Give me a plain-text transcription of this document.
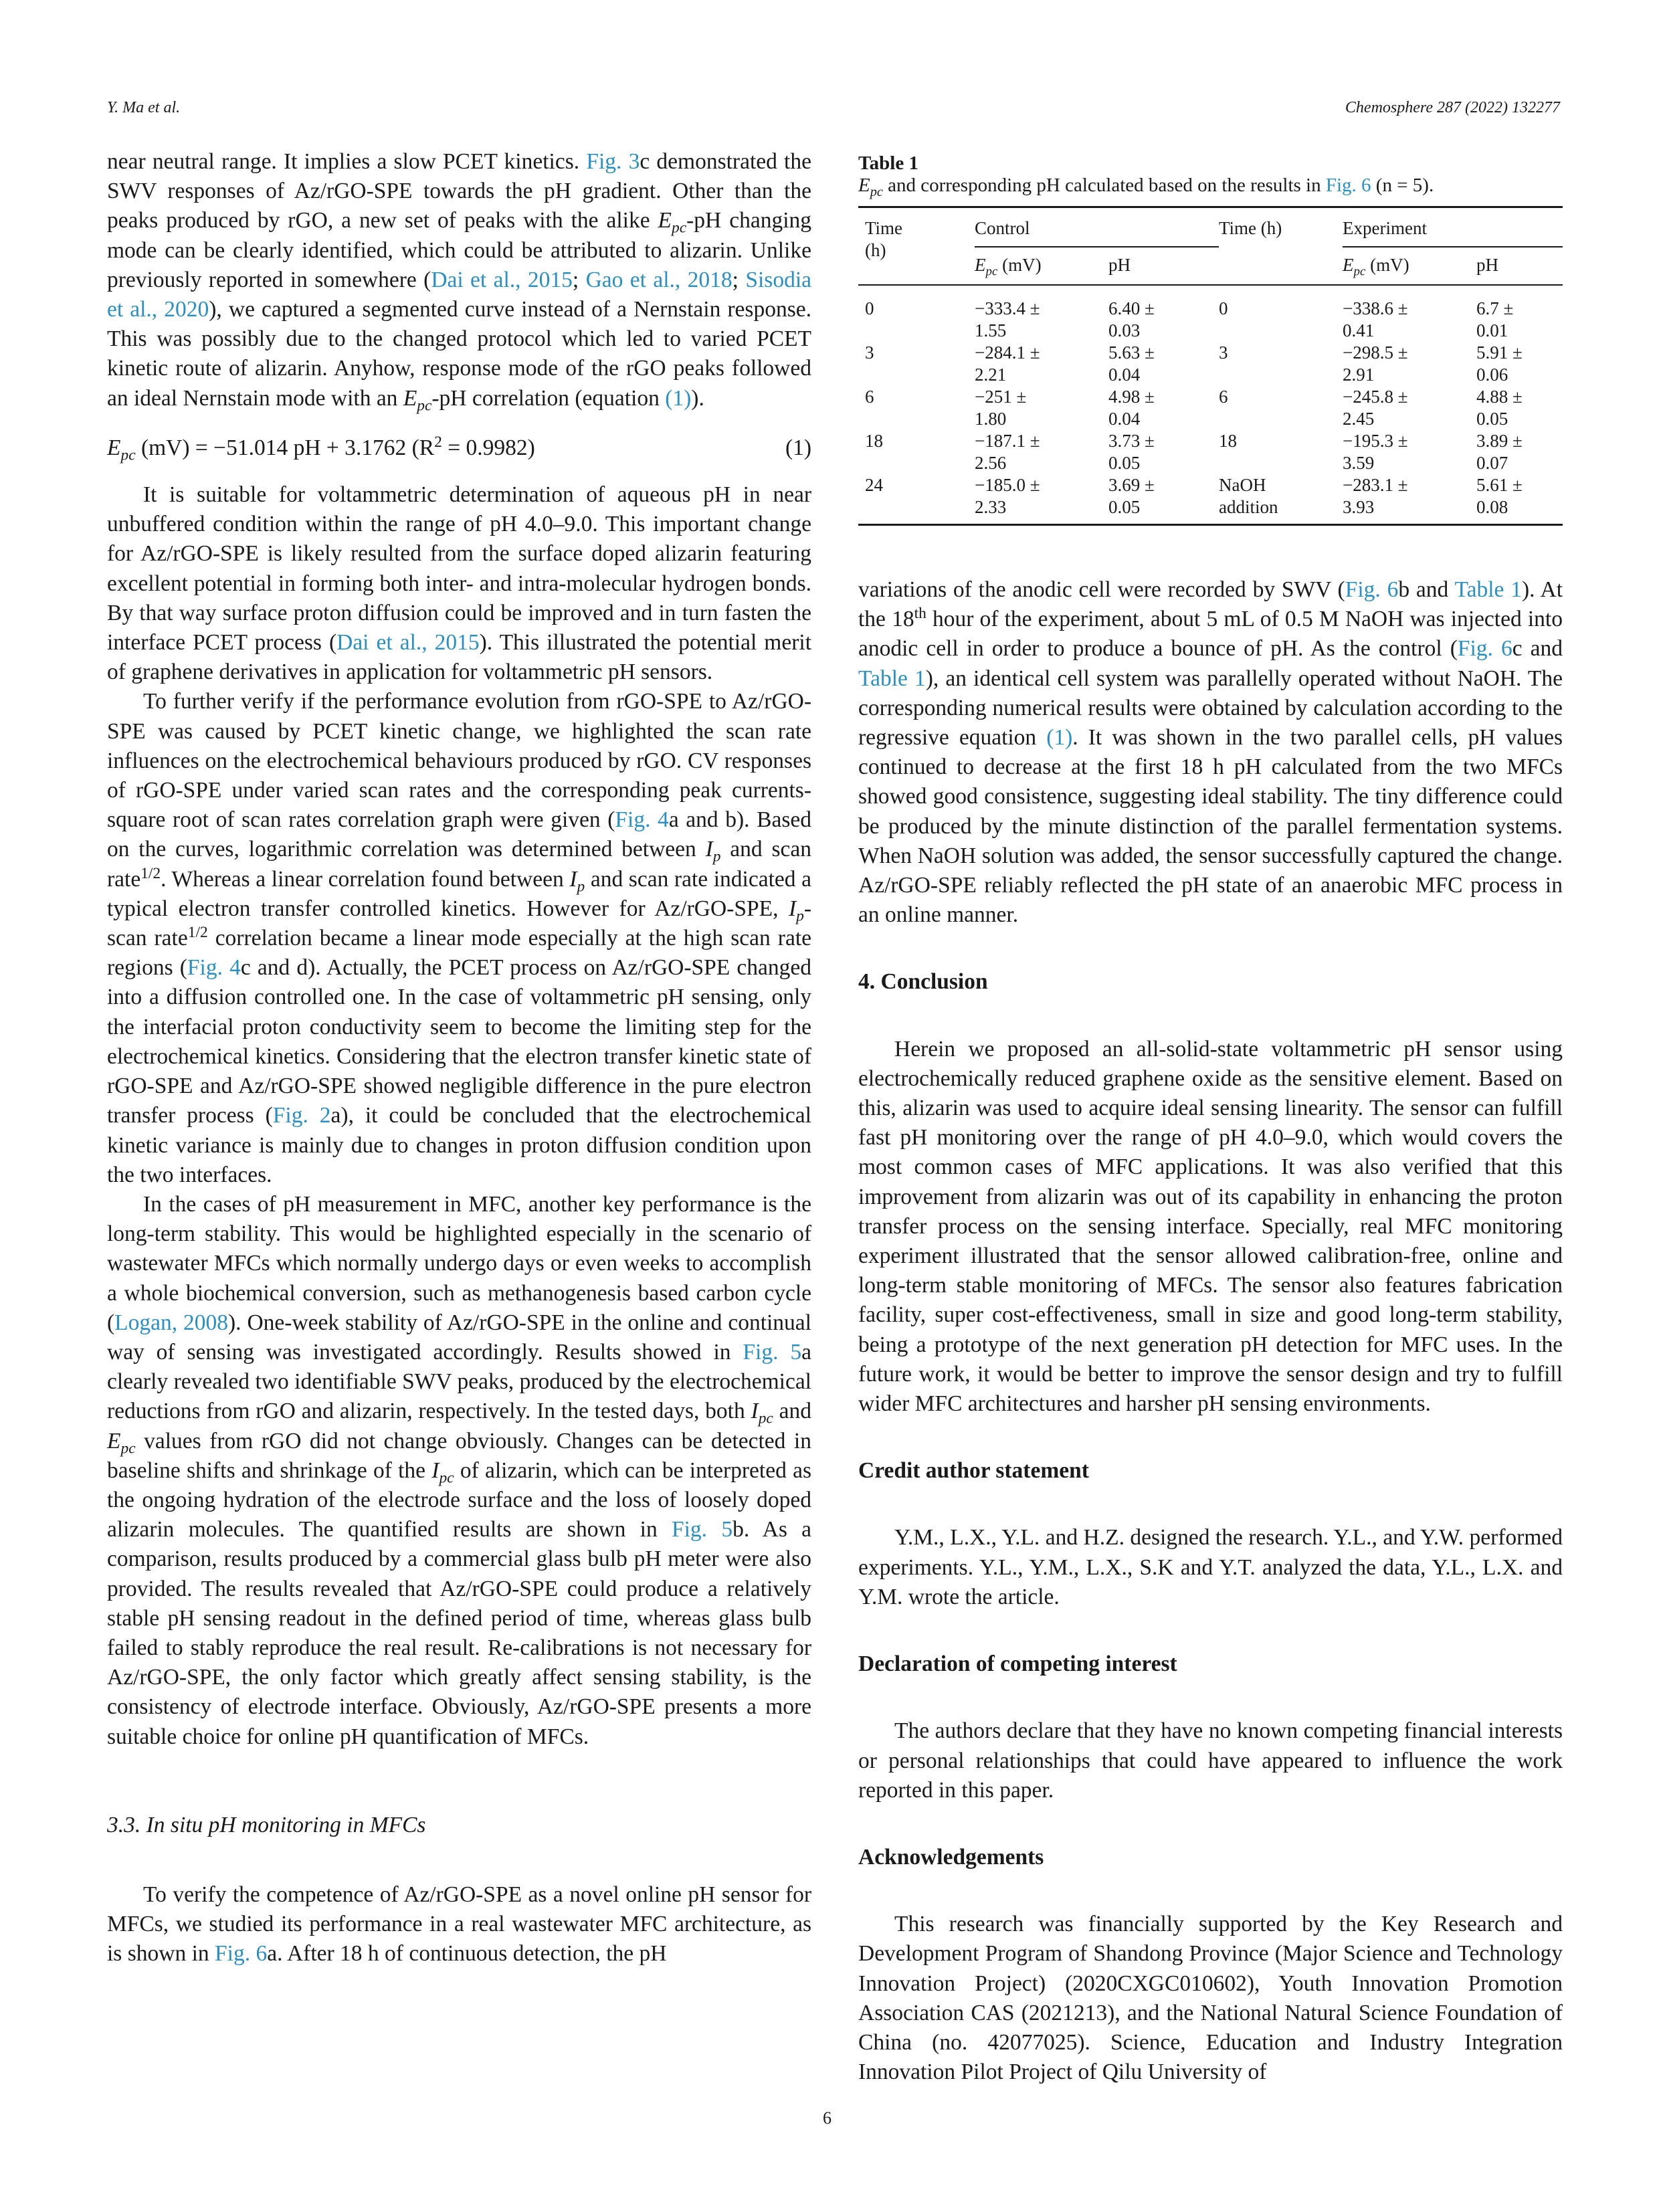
Y. Ma et al.	Chemosphere 287 (2022) 132277

near neutral range. It implies a slow PCET kinetics. Fig. 3c demonstrated the SWV responses of Az/rGO-SPE towards the pH gradient. Other than the peaks produced by rGO, a new set of peaks with the alike $E_{pc}-pH$ changing mode can be clearly identified, which could be attributed to alizarin. Unlike previously reported in somewhere (Dai et al., 2015; Gao et al., 2018; Sisodia et al., 2020), we captured a segmented curve instead of a Nernstain response. This was possibly due to the changed protocol which led to varied PCET kinetic route of alizarin. Anyhow, response mode of the rGO peaks followed an ideal Nernstain mode with an $E_{pc}-pH$ correlation (equation (1)).

$E_{pc}$ (mV) = −51.014 pH + 3.1762 $(R^2 = 0.9982)$	(1)

It is suitable for voltammetric determination of aqueous pH in near unbuffered condition within the range of pH 4.0–9.0. This important change for Az/rGO-SPE is likely resulted from the surface doped alizarin featuring excellent potential in forming both inter- and intra-molecular hydrogen bonds. By that way surface proton diffusion could be improved and in turn fasten the interface PCET process (Dai et al., 2015). This illustrated the potential merit of graphene derivatives in application for voltammetric pH sensors.

To further verify if the performance evolution from rGO-SPE to Az/rGO-SPE was caused by PCET kinetic change, we highlighted the scan rate influences on the electrochemical behaviours produced by rGO. CV responses of rGO-SPE under varied scan rates and the corresponding peak currents-square root of scan rates correlation graph were given (Fig. 4a and b). Based on the curves, logarithmic correlation was determined between $I_p$ and scan rate$^{1/2}$. Whereas a linear correlation found between $I_p$ and scan rate indicated a typical electron transfer controlled kinetics. However for Az/rGO-SPE, $I_p$-scan rate$^{1/2}$ correlation became a linear mode especially at the high scan rate regions (Fig. 4c and d). Actually, the PCET process on Az/rGO-SPE changed into a diffusion controlled one. In the case of voltammetric pH sensing, only the interfacial proton conductivity seem to become the limiting step for the electrochemical kinetics. Considering that the electron transfer kinetic state of rGO-SPE and Az/rGO-SPE showed negligible difference in the pure electron transfer process (Fig. 2a), it could be concluded that the electrochemical kinetic variance is mainly due to changes in proton diffusion condition upon the two interfaces.

In the cases of pH measurement in MFC, another key performance is the long-term stability. This would be highlighted especially in the scenario of wastewater MFCs which normally undergo days or even weeks to accomplish a whole biochemical conversion, such as methanogenesis based carbon cycle (Logan, 2008). One-week stability of Az/rGO-SPE in the online and continual way of sensing was investigated accordingly. Results showed in Fig. 5a clearly revealed two identifiable SWV peaks, produced by the electrochemical reductions from rGO and alizarin, respectively. In the tested days, both $I_{pc}$ and $E_{pc}$ values from rGO did not change obviously. Changes can be detected in baseline shifts and shrinkage of the $I_{pc}$ of alizarin, which can be interpreted as the ongoing hydration of the electrode surface and the loss of loosely doped alizarin molecules. The quantified results are shown in Fig. 5b. As a comparison, results produced by a commercial glass bulb pH meter were also provided. The results revealed that Az/rGO-SPE could produce a relatively stable pH sensing readout in the defined period of time, whereas glass bulb failed to stably reproduce the real result. Re-calibrations is not necessary for Az/rGO-SPE, the only factor which greatly affect sensing stability, is the consistency of electrode interface. Obviously, Az/rGO-SPE presents a more suitable choice for online pH quantification of MFCs.

3.3. In situ pH monitoring in MFCs

To verify the competence of Az/rGO-SPE as a novel online pH sensor for MFCs, we studied its performance in a real wastewater MFC architecture, as is shown in Fig. 6a. After 18 h of continuous detection, the pH

Table 1
$E_{pc}$ and corresponding pH calculated based on the results in Fig. 6 (n = 5).
Time (h)	Control		Time (h)	Experiment	
	$E_{pc}$ (mV)	pH		$E_{pc}$ (mV)	pH
0	−333.4 ± 1.55	6.40 ± 0.03	0	−338.6 ± 0.41	6.7 ± 0.01

3	−284.1 ± 2.21	5.63 ± 0.04	3	−298.5 ± 2.91	5.91 ± 0.06

6	−251 ± 1.80	4.98 ± 0.04	6	−245.8 ± 2.45	4.88 ± 0.05

18	−187.1 ± 2.56	3.73 ± 0.05	18	−195.3 ± 3.59	3.89 ± 0.07

24	−185.0 ± 2.33	3.69 ± 0.05	NaOH addition	−283.1 ± 3.93	5.61 ± 0.08

variations of the anodic cell were recorded by SWV (Fig. 6b and Table 1). At the 18th hour of the experiment, about 5 mL of 0.5 M NaOH was injected into anodic cell in order to produce a bounce of pH. As the control (Fig. 6c and Table 1), an identical cell system was parallelly operated without NaOH. The corresponding numerical results were obtained by calculation according to the regressive equation (1). It was shown in the two parallel cells, pH values continued to decrease at the first 18 h pH calculated from the two MFCs showed good consistence, suggesting ideal stability. The tiny difference could be produced by the minute distinction of the parallel fermentation systems. When NaOH solution was added, the sensor successfully captured the change. Az/rGO-SPE reliably reflected the pH state of an anaerobic MFC process in an online manner.

4. Conclusion

Herein we proposed an all-solid-state voltammetric pH sensor using electrochemically reduced graphene oxide as the sensitive element. Based on this, alizarin was used to acquire ideal sensing linearity. The sensor can fulfill fast pH monitoring over the range of pH 4.0–9.0, which would covers the most common cases of MFC applications. It was also verified that this improvement from alizarin was out of its capability in enhancing the proton transfer process on the sensing interface. Specially, real MFC monitoring experiment illustrated that the sensor allowed calibration-free, online and long-term stable monitoring of MFCs. The sensor also features fabrication facility, super cost-effectiveness, small in size and good long-term stability, being a prototype of the next generation pH detection for MFC uses. In the future work, it would be better to improve the sensor design and try to fulfill wider MFC architectures and harsher pH sensing environments.

Credit author statement

Y.M., L.X., Y.L. and H.Z. designed the research. Y.L., and Y.W. performed experiments. Y.L., Y.M., L.X., S.K and Y.T. analyzed the data, Y.L., L.X. and Y.M. wrote the article.

Declaration of competing interest

The authors declare that they have no known competing financial interests or personal relationships that could have appeared to influence the work reported in this paper.

Acknowledgements

This research was financially supported by the Key Research and Development Program of Shandong Province (Major Science and Technology Innovation Project) (2020CXGC010602), Youth Innovation Promotion Association CAS (2021213), and the National Natural Science Foundation of China (no. 42077025). Science, Education and Industry Integration Innovation Pilot Project of Qilu University of

6
